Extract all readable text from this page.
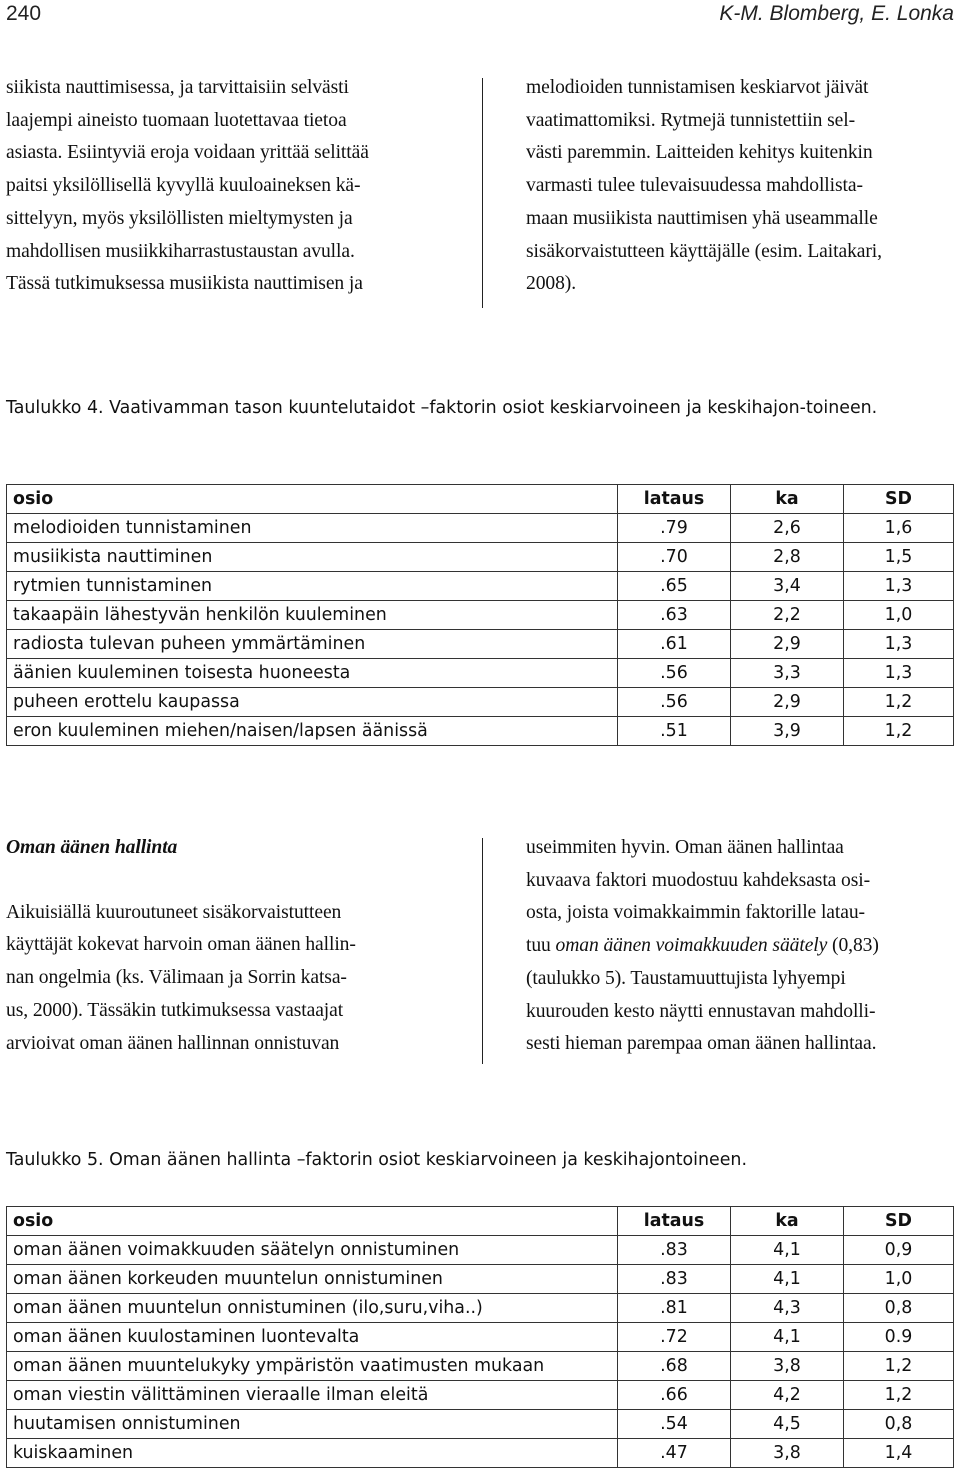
240	K-M. Blomberg, E. Lonka
siikista nauttimisessa, ja tarvittaisiin selvästi
laajempi aineisto tuomaan luotettavaa tietoa
asiasta. Esiintyviä eroja voidaan yrittää selittää
paitsi yksilöllisellä kyvyllä kuuloaineksen kä-
sittelyyn, myös yksilöllisten mieltymysten ja
mahdollisen musiikkiharrastustaustan avulla.
Tässä tutkimuksessa musiikista nauttimisen ja
melodioiden tunnistamisen keskiarvot jäivät
vaatimattomiksi. Rytmejä tunnistettiin sel-
västi paremmin. Laitteiden kehitys kuitenkin
varmasti tulee tulevaisuudessa mahdollista-
maan musiikista nauttimisen yhä useammalle
sisäkorvaistutteen käyttäjälle (esim. Laitakari,
2008).
Taulukko 4. Vaativamman tason kuuntelutaidot –faktorin osiot keskiarvoineen ja keskihajon-toineen.
osio	lataus	ka	SD
melodioiden tunnistaminen	.79	2,6	1,6
musiikista nauttiminen	.70	2,8	1,5
rytmien tunnistaminen	.65	3,4	1,3
takaapäin lähestyvän henkilön kuuleminen	.63	2,2	1,0
radiosta tulevan puheen ymmärtäminen	.61	2,9	1,3
äänien kuuleminen toisesta huoneesta	.56	3,3	1,3
puheen erottelu kaupassa	.56	2,9	1,2
eron kuuleminen miehen/naisen/lapsen äänissä	.51	3,9	1,2
Oman äänen hallinta
Aikuisiällä kuuroutuneet sisäkorvaistutteen
käyttäjät kokevat harvoin oman äänen hallin-
nan ongelmia (ks. Välimaan ja Sorrin katsa-
us, 2000). Tässäkin tutkimuksessa vastaajat
arvioivat oman äänen hallinnan onnistuvan
useimmiten hyvin. Oman äänen hallintaa
kuvaava faktori muodostuu kahdeksasta osi-
osta, joista voimakkaimmin faktorille latau-
tuu oman äänen voimakkuuden säätely (0,83)
(taulukko 5). Taustamuuttujista lyhyempi
kuurouden kesto näytti ennustavan mahdolli-
sesti hieman parempaa oman äänen hallintaa.
Taulukko 5. Oman äänen hallinta –faktorin osiot keskiarvoineen ja keskihajontoineen.
osio	lataus	ka	SD
oman äänen voimakkuuden säätelyn onnistuminen	.83	4,1	0,9
oman äänen korkeuden muuntelun onnistuminen	.83	4,1	1,0
oman äänen muuntelun onnistuminen (ilo,suru,viha..)	.81	4,3	0,8
oman äänen kuulostaminen luontevalta	.72	4,1	0.9
oman äänen muuntelukyky ympäristön vaatimusten mukaan	.68	3,8	1,2
oman viestin välittäminen vieraalle ilman eleitä	.66	4,2	1,2
huutamisen onnistuminen	.54	4,5	0,8
kuiskaaminen	.47	3,8	1,4
